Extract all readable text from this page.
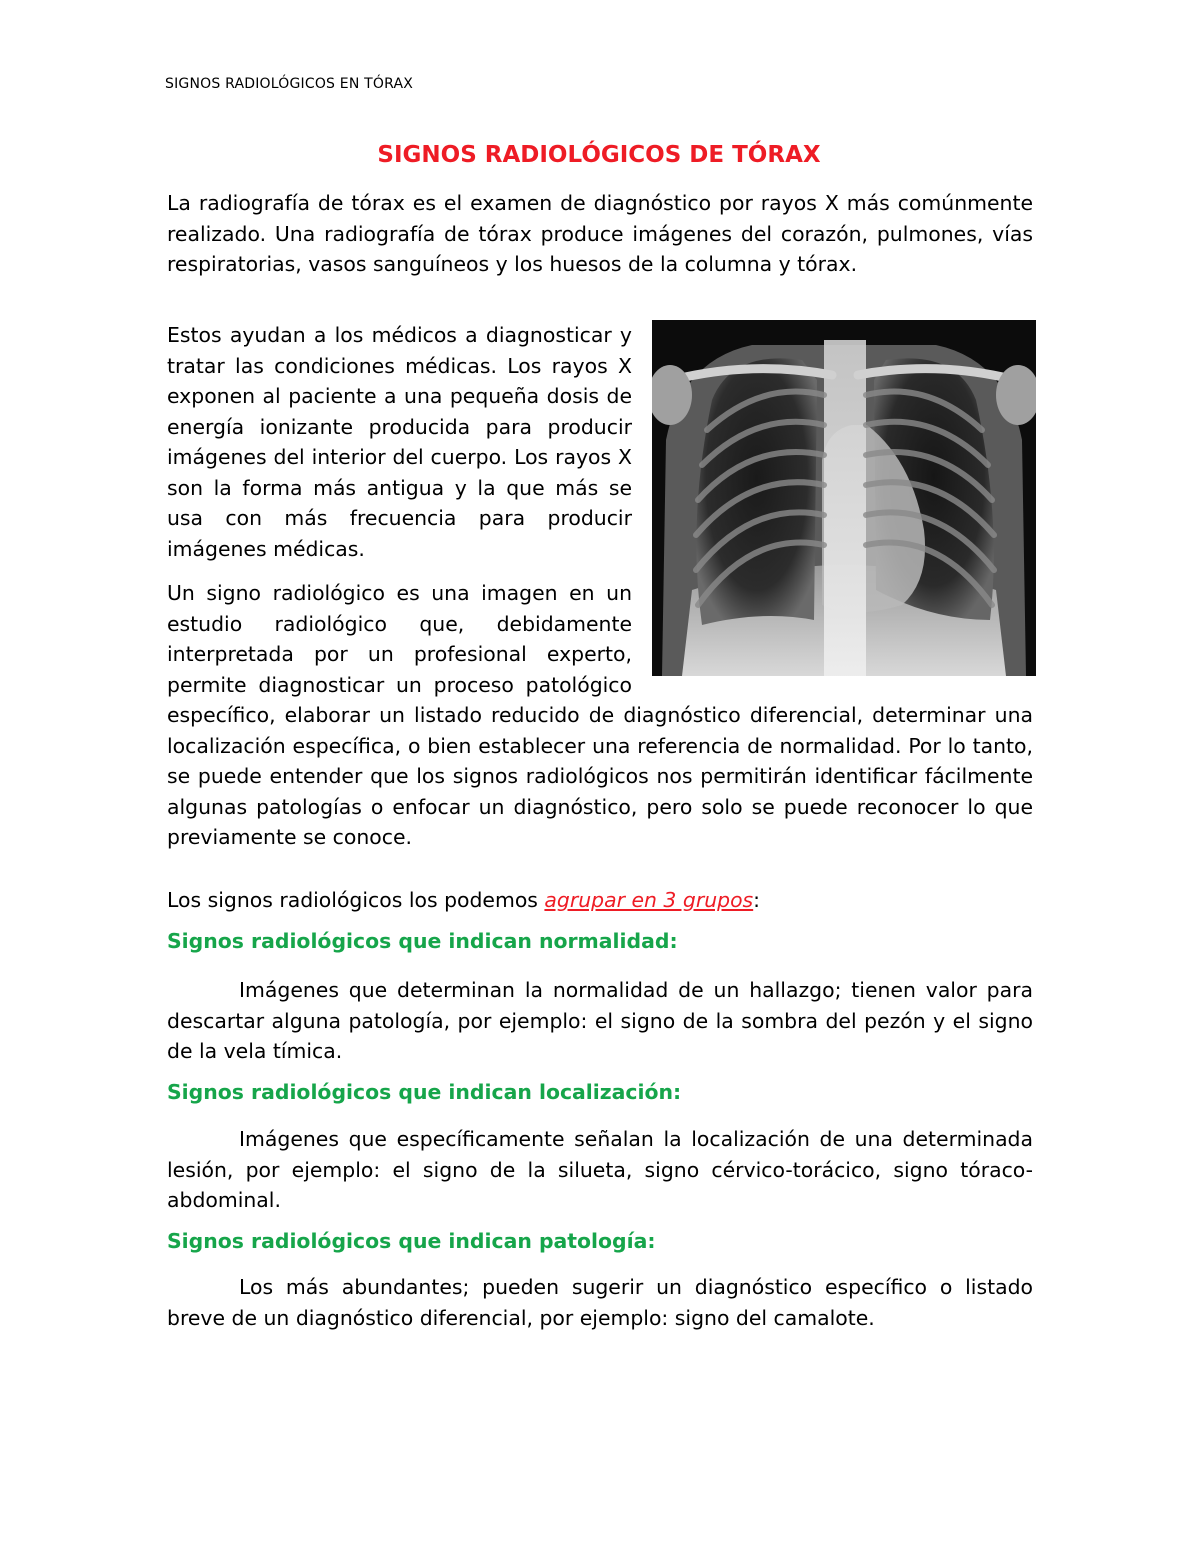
SIGNOS RADIOLÓGICOS EN TÓRAX
SIGNOS RADIOLÓGICOS DE TÓRAX

La radiografía de tórax es el examen de diagnóstico por rayos X más comúnmente realizado. Una radiografía de tórax produce imágenes del corazón, pulmones, vías respiratorias, vasos sanguíneos y los huesos de la columna y tórax.

Estos ayudan a los médicos a diagnosticar y tratar las condiciones médicas. Los rayos X exponen al paciente a una pequeña dosis de energía ionizante producida para producir imágenes del interior del cuerpo. Los rayos X son la forma más antigua y la que más se usa con más frecuencia para producir imágenes médicas.

Un signo radiológico es una imagen en un estudio radiológico que, debidamente interpretada por un profesional experto, permite diagnosticar un proceso patológico específico, elaborar un listado reducido de diagnóstico diferencial, determinar una localización específica, o bien establecer una referencia de normalidad. Por lo tanto, se puede entender que los signos radiológicos nos permitirán identificar fácilmente algunas patologías o enfocar un diagnóstico, pero solo se puede reconocer lo que previamente se conoce.

Los signos radiológicos los podemos agrupar en 3 grupos:

Signos radiológicos que indican normalidad:

Imágenes que determinan la normalidad de un hallazgo; tienen valor para descartar alguna patología, por ejemplo: el signo de la sombra del pezón y el signo de la vela tímica.

Signos radiológicos que indican localización:

Imágenes que específicamente señalan la localización de una determinada lesión, por ejemplo: el signo de la silueta, signo cérvico-torácico, signo tóraco-abdominal.

Signos radiológicos que indican patología:

Los más abundantes; pueden sugerir un diagnóstico específico o listado breve de un diagnóstico diferencial, por ejemplo: signo del camalote.
